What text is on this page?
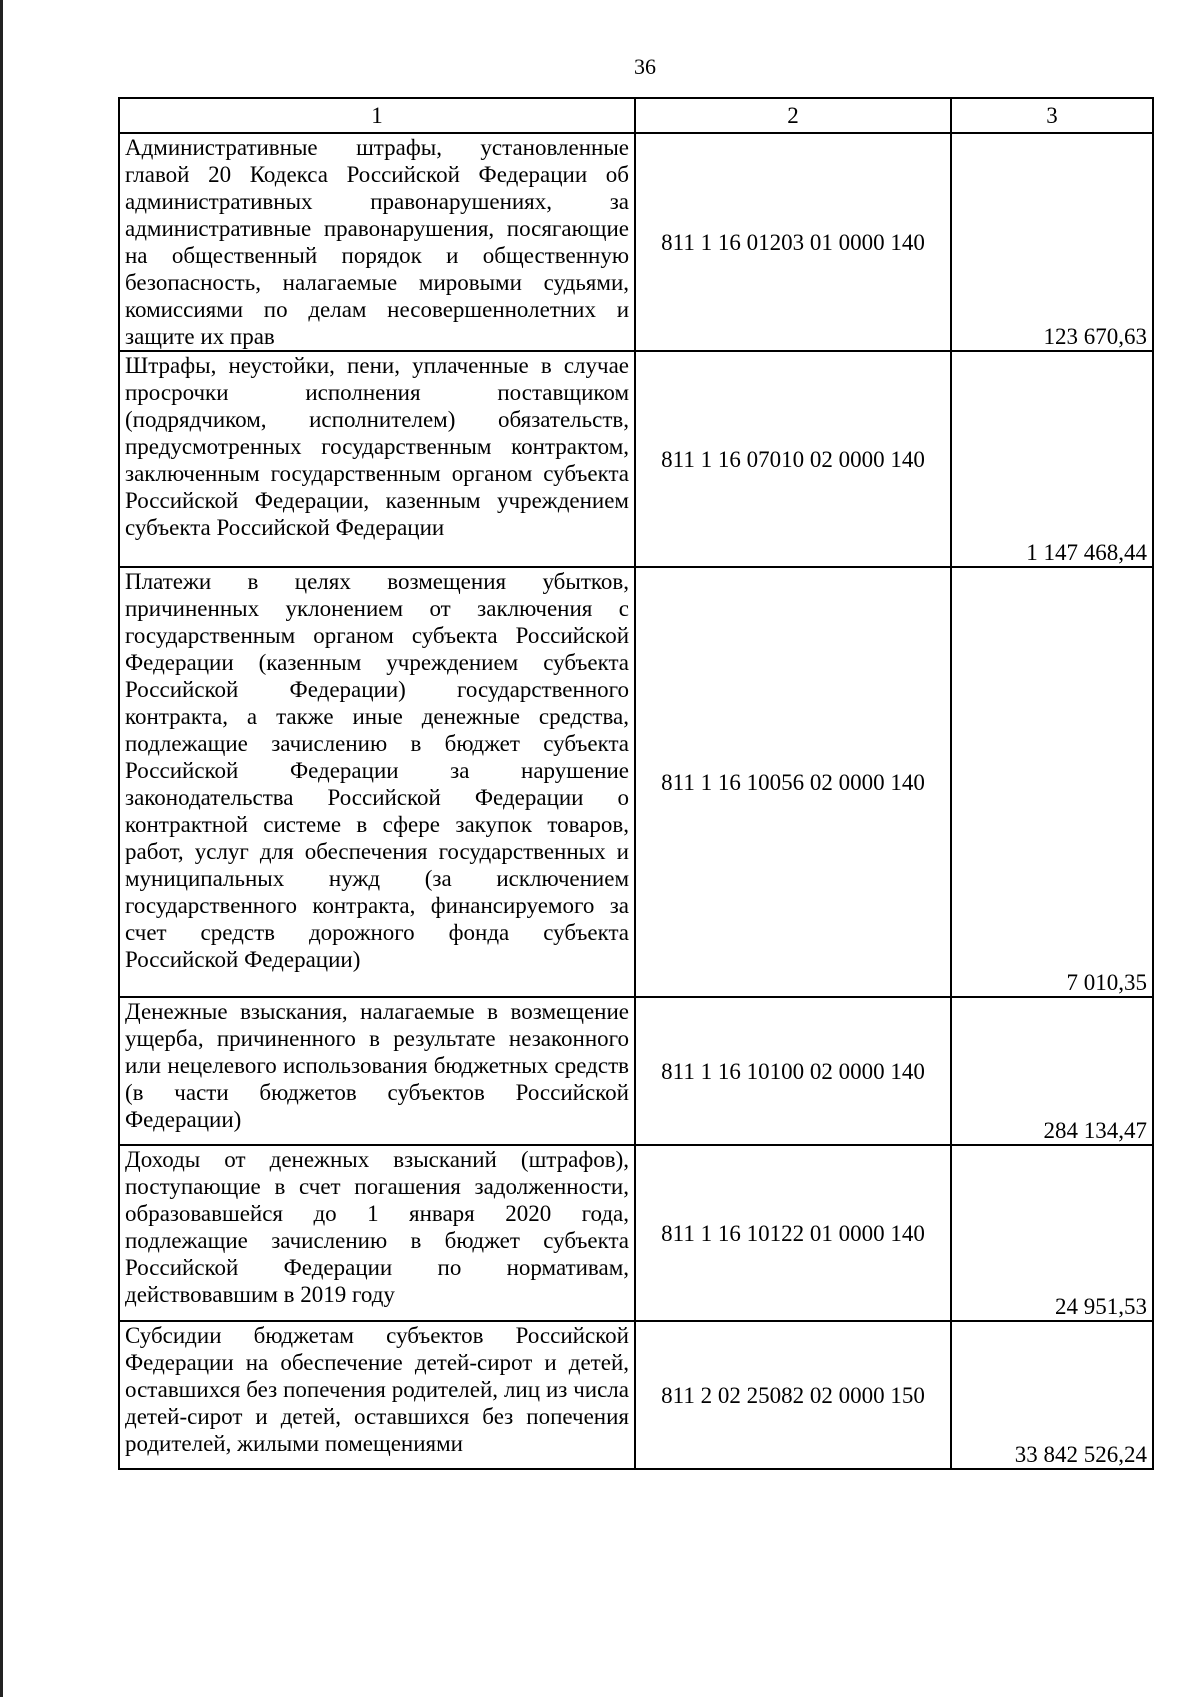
36
1	2	3
Административные штрафы, установленные главой 20 Кодекса Российской Федерации об административных правонарушениях, за административные правонарушения, посягающие на общественный порядок и общественную безопасность, налагаемые мировыми судьями, комиссиями по делам несовершеннолетних и защите их прав	811 1 16 01203 01 0000 140	123 670,63
Штрафы, неустойки, пени, уплаченные в случае просрочки исполнения поставщиком (подрядчиком, исполнителем) обязательств, предусмотренных государственным контрактом, заключенным государственным органом субъекта Российской Федерации, казенным учреждением субъекта Российской Федерации	811 1 16 07010 02 0000 140	1 147 468,44
Платежи в целях возмещения убытков, причиненных уклонением от заключения с государственным органом субъекта Российской Федерации (казенным учреждением субъекта Российской Федерации) государственного контракта, а также иные денежные средства, подлежащие зачислению в бюджет субъекта Российской Федерации за нарушение законодательства Российской Федерации о контрактной системе в сфере закупок товаров, работ, услуг для обеспечения государственных и муниципальных нужд (за исключением государственного контракта, финансируемого за счет средств дорожного фонда субъекта Российской Федерации)	811 1 16 10056 02 0000 140	7 010,35
Денежные взыскания, налагаемые в возмещение ущерба, причиненного в результате незаконного или нецелевого использования бюджетных средств (в части бюджетов субъектов Российской Федерации)	811 1 16 10100 02 0000 140	284 134,47
Доходы от денежных взысканий (штрафов), поступающие в счет погашения задолженности, образовавшейся до 1 января 2020 года, подлежащие зачислению в бюджет субъекта Российской Федерации по нормативам, действовавшим в 2019 году	811 1 16 10122 01 0000 140	24 951,53
Субсидии бюджетам субъектов Российской Федерации на обеспечение детей-сирот и детей, оставшихся без попечения родителей, лиц из числа детей-сирот и детей, оставшихся без попечения родителей, жилыми помещениями	811 2 02 25082 02 0000 150	33 842 526,24
